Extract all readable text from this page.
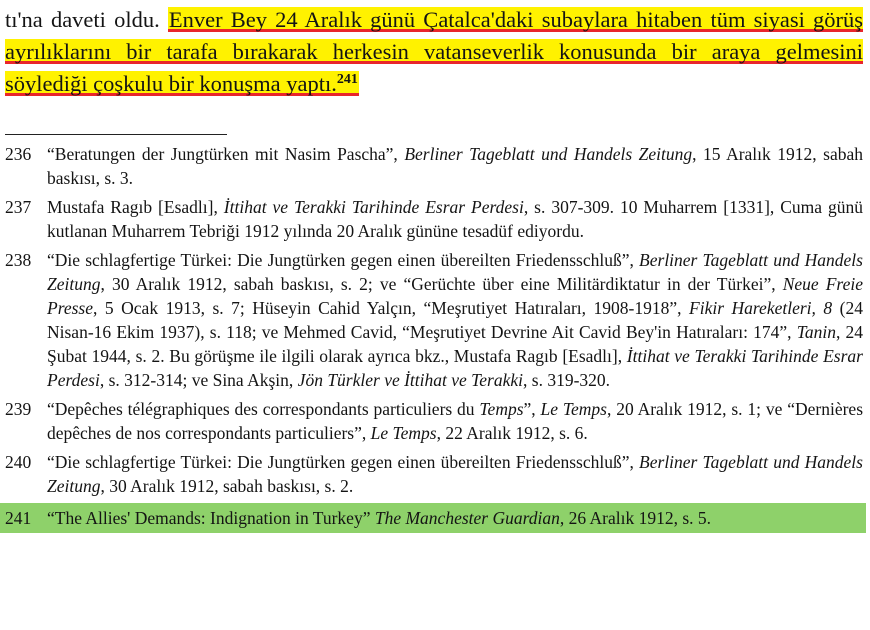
tı'na daveti oldu. Enver Bey 24 Aralık günü Çatalca'daki subaylara hitaben tüm siyasi görüş ayrılıklarını bir tarafa bırakarak herkesin vatanseverlik konusunda bir araya gelmesini söylediği çoşkulu bir konuşma yaptı.$^{241}$

236 “Beratungen der Jungtürken mit Nasim Pascha”, Berliner Tageblatt und Handels Zeitung, 15 Aralık 1912, sabah baskısı, s. 3.

237 Mustafa Ragıb [Esadlı], İttihat ve Terakki Tarihinde Esrar Perdesi, s. 307-309. 10 Muharrem [1331], Cuma günü kutlanan Muharrem Tebriği 1912 yılında 20 Aralık gününe tesadüf ediyordu.

238 “Die schlagfertige Türkei: Die Jungtürken gegen einen übereilten Friedensschluß”, Berliner Tageblatt und Handels Zeitung, 30 Aralık 1912, sabah baskısı, s. 2; ve “Gerüchte über eine Militärdiktatur in der Türkei”, Neue Freie Presse, 5 Ocak 1913, s. 7; Hüseyin Cahid Yalçın, “Meşrutiyet Hatıraları, 1908-1918”, Fikir Hareketleri, 8 (24 Nisan-16 Ekim 1937), s. 118; ve Mehmed Cavid, “Meşrutiyet Devrine Ait Cavid Bey'in Hatıraları: 174”, Tanin, 24 Şubat 1944, s. 2. Bu görüşme ile ilgili olarak ayrıca bkz., Mustafa Ragıb [Esadlı], İttihat ve Terakki Tarihinde Esrar Perdesi, s. 312-314; ve Sina Akşin, Jön Türkler ve İttihat ve Terakki, s. 319-320.

239 “Depêches télégraphiques des correspondants particuliers du Temps”, Le Temps, 20 Aralık 1912, s. 1; ve “Dernières depêches de nos correspondants particuliers”, Le Temps, 22 Aralık 1912, s. 6.

240 “Die schlagfertige Türkei: Die Jungtürken gegen einen übereilten Friedensschluß”, Berliner Tageblatt und Handels Zeitung, 30 Aralık 1912, sabah baskısı, s. 2.

241 “The Allies' Demands: Indignation in Turkey” The Manchester Guardian, 26 Aralık 1912, s. 5.
